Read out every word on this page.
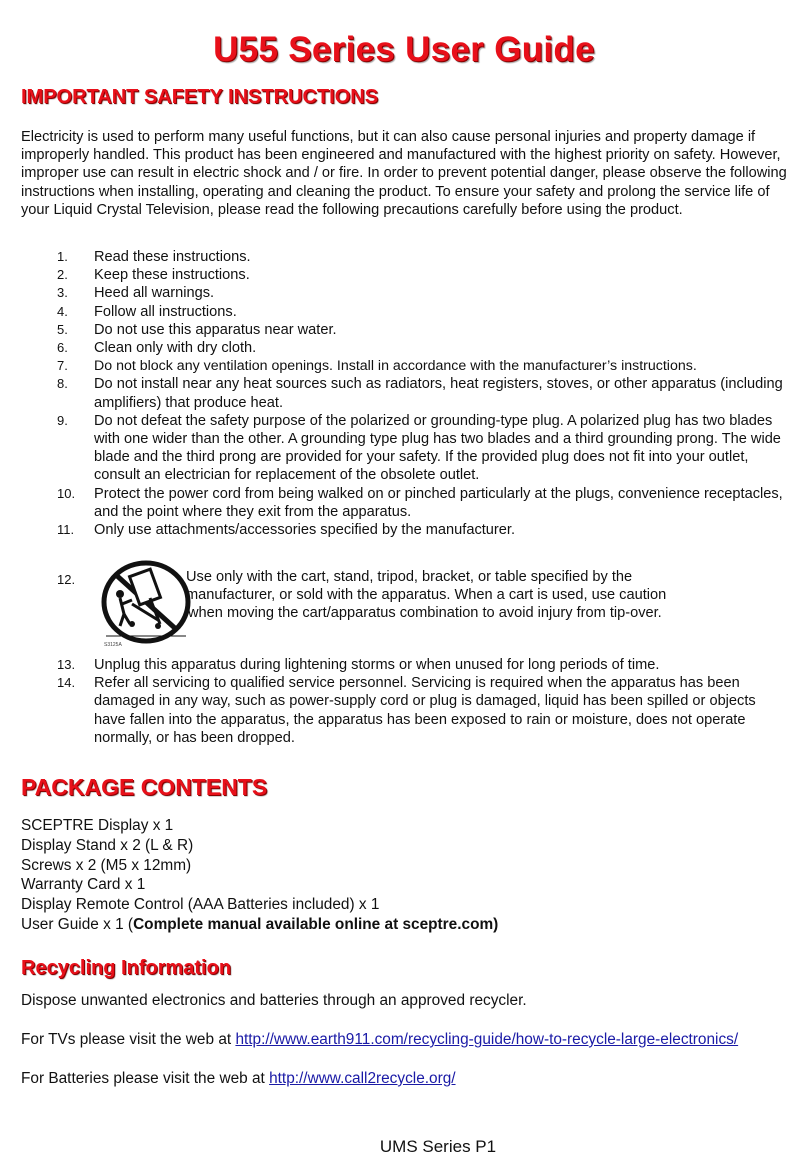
U55 Series User Guide
IMPORTANT SAFETY INSTRUCTIONS
Electricity is used to perform many useful functions, but it can also cause personal injuries and property damage if improperly handled. This product has been engineered and manufactured with the highest priority on safety. However, improper use can result in electric shock and / or fire. In order to prevent potential danger, please observe the following instructions when installing, operating and cleaning the product. To ensure your safety and prolong the service life of your Liquid Crystal Television, please read the following precautions carefully before using the product.
1. Read these instructions.
2. Keep these instructions.
3. Heed all warnings.
4. Follow all instructions.
5. Do not use this apparatus near water.
6. Clean only with dry cloth.
7. Do not block any ventilation openings. Install in accordance with the manufacturer’s instructions.
8. Do not install near any heat sources such as radiators, heat registers, stoves, or other apparatus (including amplifiers) that produce heat.
9. Do not defeat the safety purpose of the polarized or grounding-type plug. A polarized plug has two blades with one wider than the other. A grounding type plug has two blades and a third grounding prong. The wide blade and the third prong are provided for your safety. If the provided plug does not fit into your outlet, consult an electrician for replacement of the obsolete outlet.
10. Protect the power cord from being walked on or pinched particularly at the plugs, convenience receptacles, and the point where they exit from the apparatus.
11. Only use attachments/accessories specified by the manufacturer.
12.
S3125A
Use only with the cart, stand, tripod, bracket, or table specified by the
manufacturer, or sold with the apparatus. When a cart is used, use caution
when moving the cart/apparatus combination to avoid injury from tip-over.
13. Unplug this apparatus during lightening storms or when unused for long periods of time.
14. Refer all servicing to qualified service personnel. Servicing is required when the apparatus has been damaged in any way, such as power-supply cord or plug is damaged, liquid has been spilled or objects have fallen into the apparatus, the apparatus has been exposed to rain or moisture, does not operate normally, or has been dropped.
PACKAGE CONTENTS
SCEPTRE Display x 1
Display Stand x 2 (L & R)
Screws x 2 (M5 x 12mm)
Warranty Card x 1
Display Remote Control (AAA Batteries included) x 1
User Guide x 1 (Complete manual available online at sceptre.com)
Recycling Information
Dispose unwanted electronics and batteries through an approved recycler.
For TVs please visit the web at http://www.earth911.com/recycling-guide/how-to-recycle-large-electronics/
For Batteries please visit the web at http://www.call2recycle.org/
UMS Series P1
